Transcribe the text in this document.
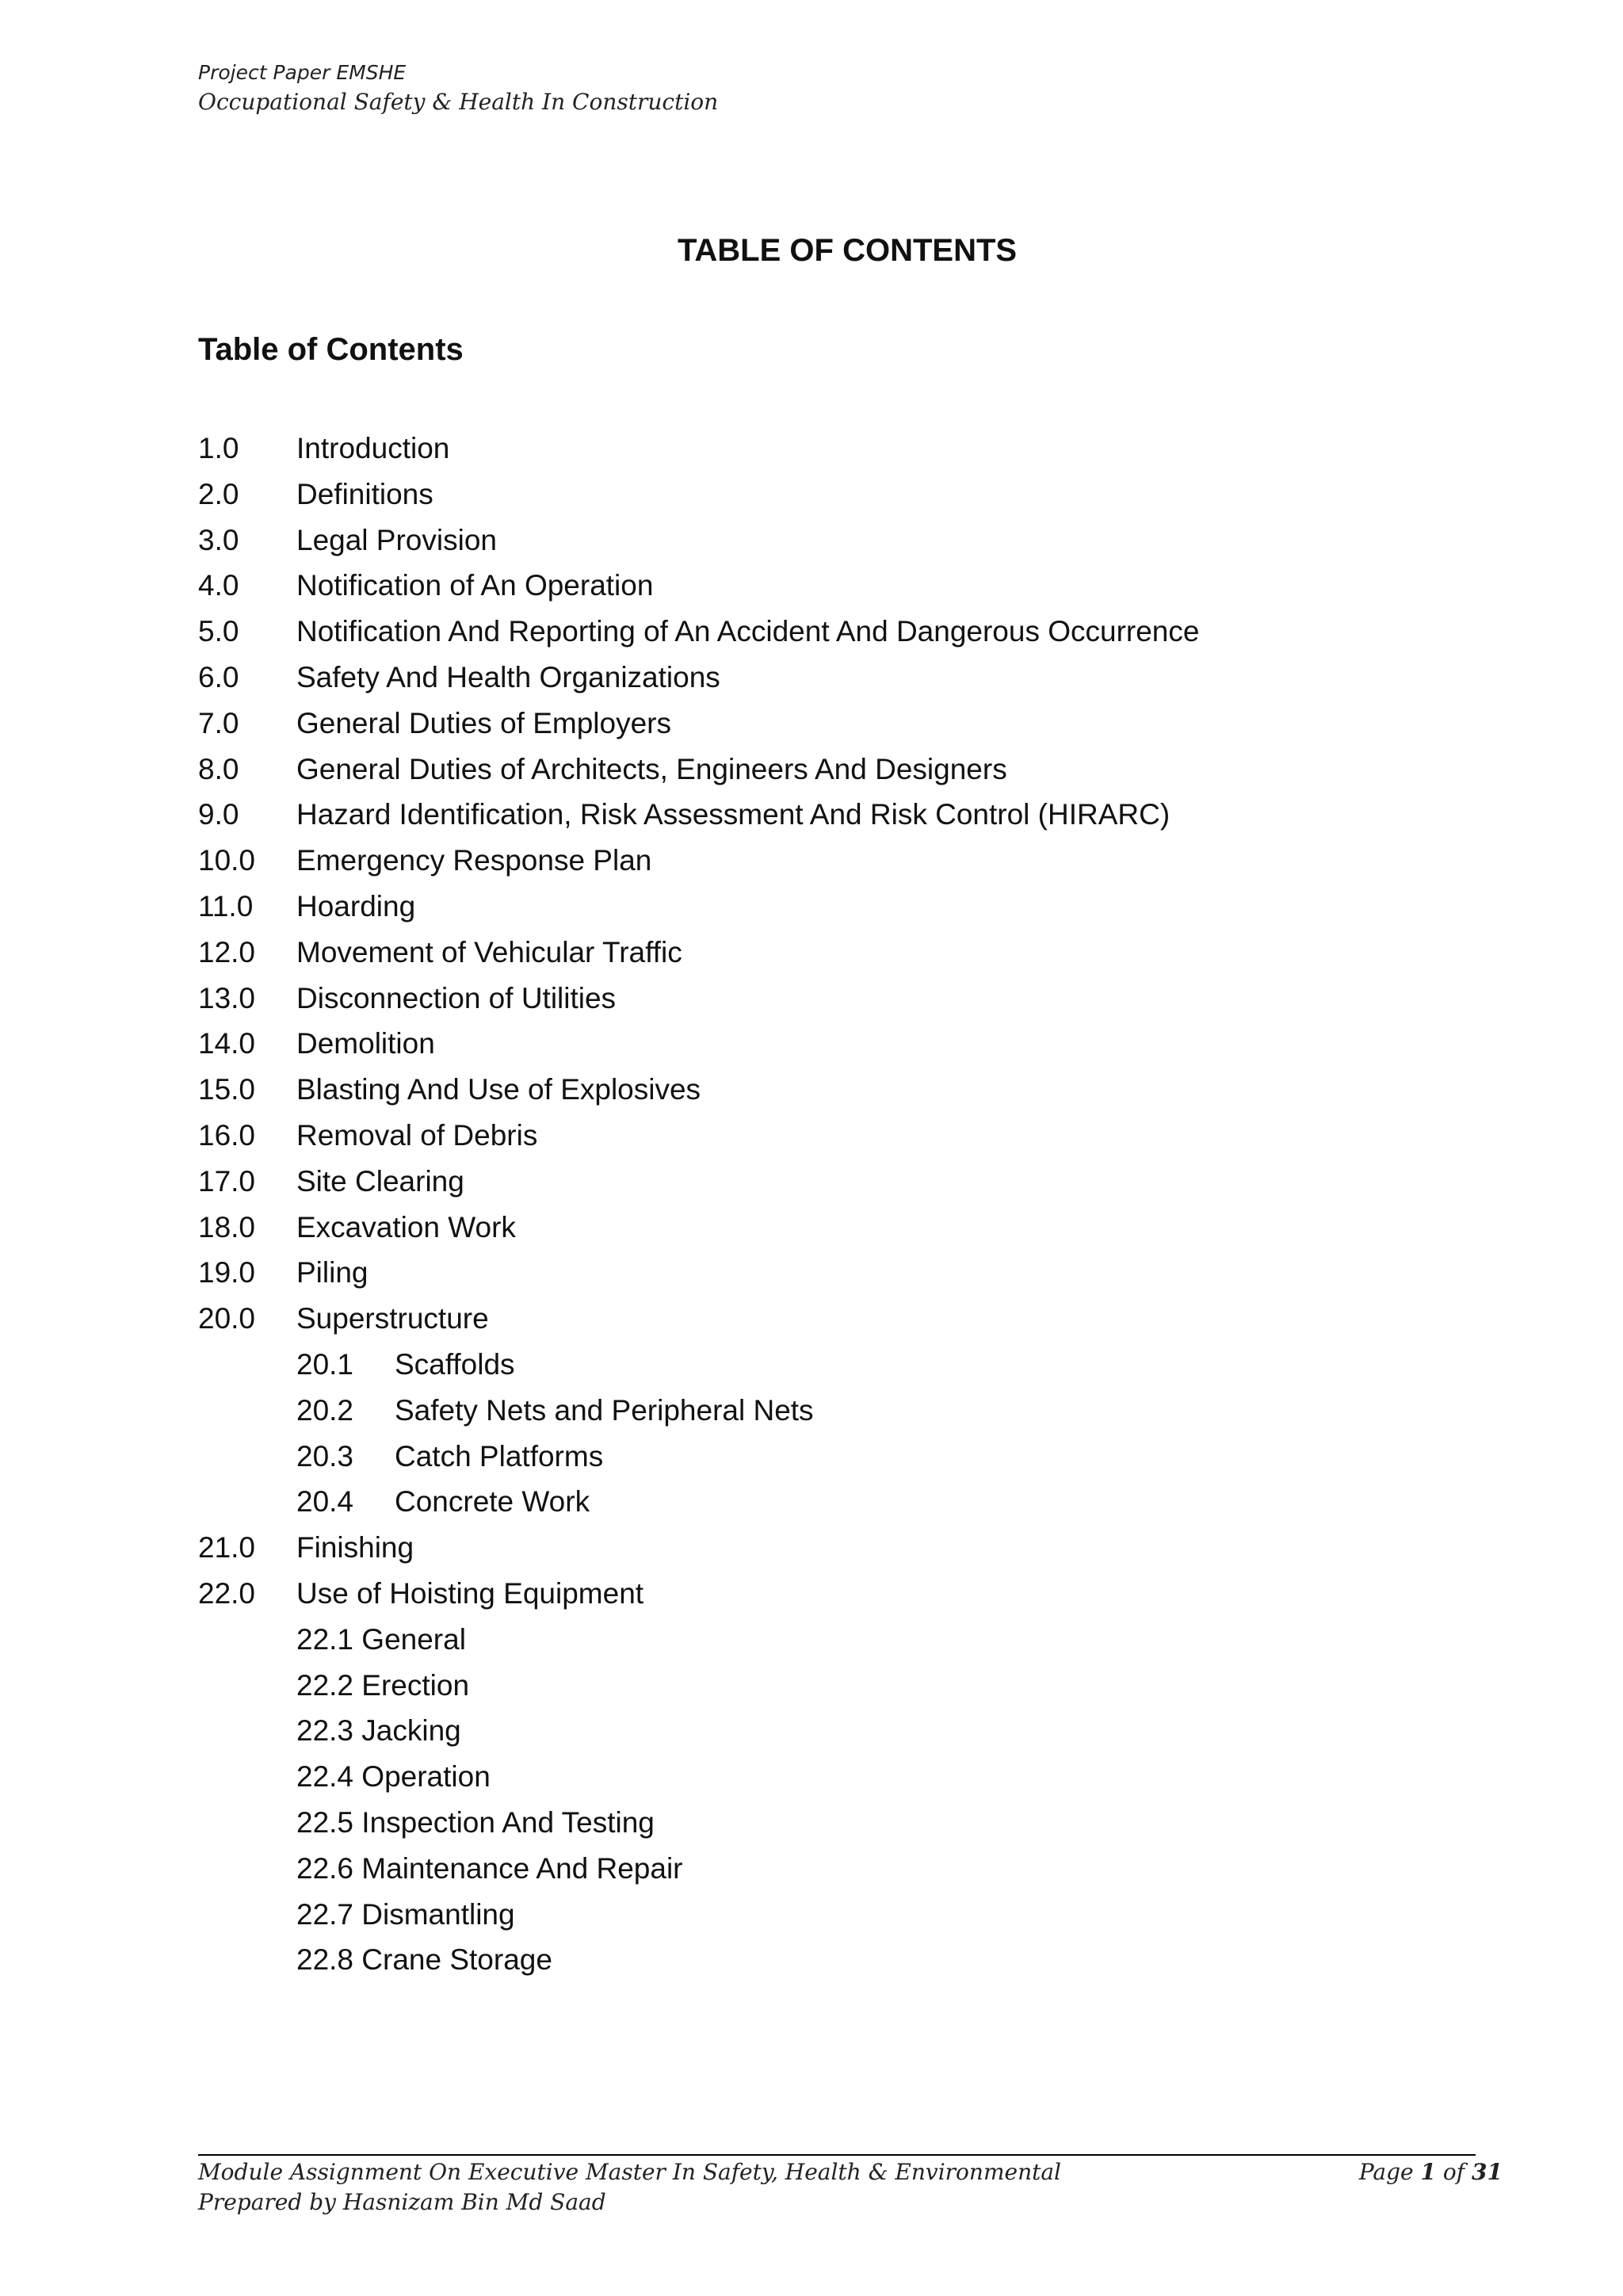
Project Paper EMSHE
Occupational Safety & Health In Construction
TABLE OF CONTENTS
Table of Contents
1.0	Introduction
2.0	Definitions
3.0	Legal Provision
4.0	Notification of An Operation
5.0	Notification And Reporting of An Accident And Dangerous Occurrence
6.0	Safety And Health Organizations
7.0	General Duties of Employers
8.0	General Duties of Architects, Engineers And Designers
9.0	Hazard Identification, Risk Assessment And Risk Control (HIRARC)
10.0	Emergency Response Plan
11.0	Hoarding
12.0	Movement of Vehicular Traffic
13.0	Disconnection of Utilities
14.0	Demolition
15.0	Blasting And Use of Explosives
16.0	Removal of Debris
17.0	Site Clearing
18.0	Excavation Work
19.0	Piling
20.0	Superstructure
20.1	Scaffolds
20.2	Safety Nets and Peripheral Nets
20.3	Catch Platforms
20.4	Concrete Work
21.0	Finishing
22.0	Use of Hoisting Equipment
22.1 General
22.2 Erection
22.3 Jacking
22.4 Operation
22.5 Inspection And Testing
22.6 Maintenance And Repair
22.7 Dismantling
22.8 Crane Storage
Module Assignment On Executive Master In Safety, Health & Environmental	Page 1 of 31
Prepared by Hasnizam Bin Md Saad
